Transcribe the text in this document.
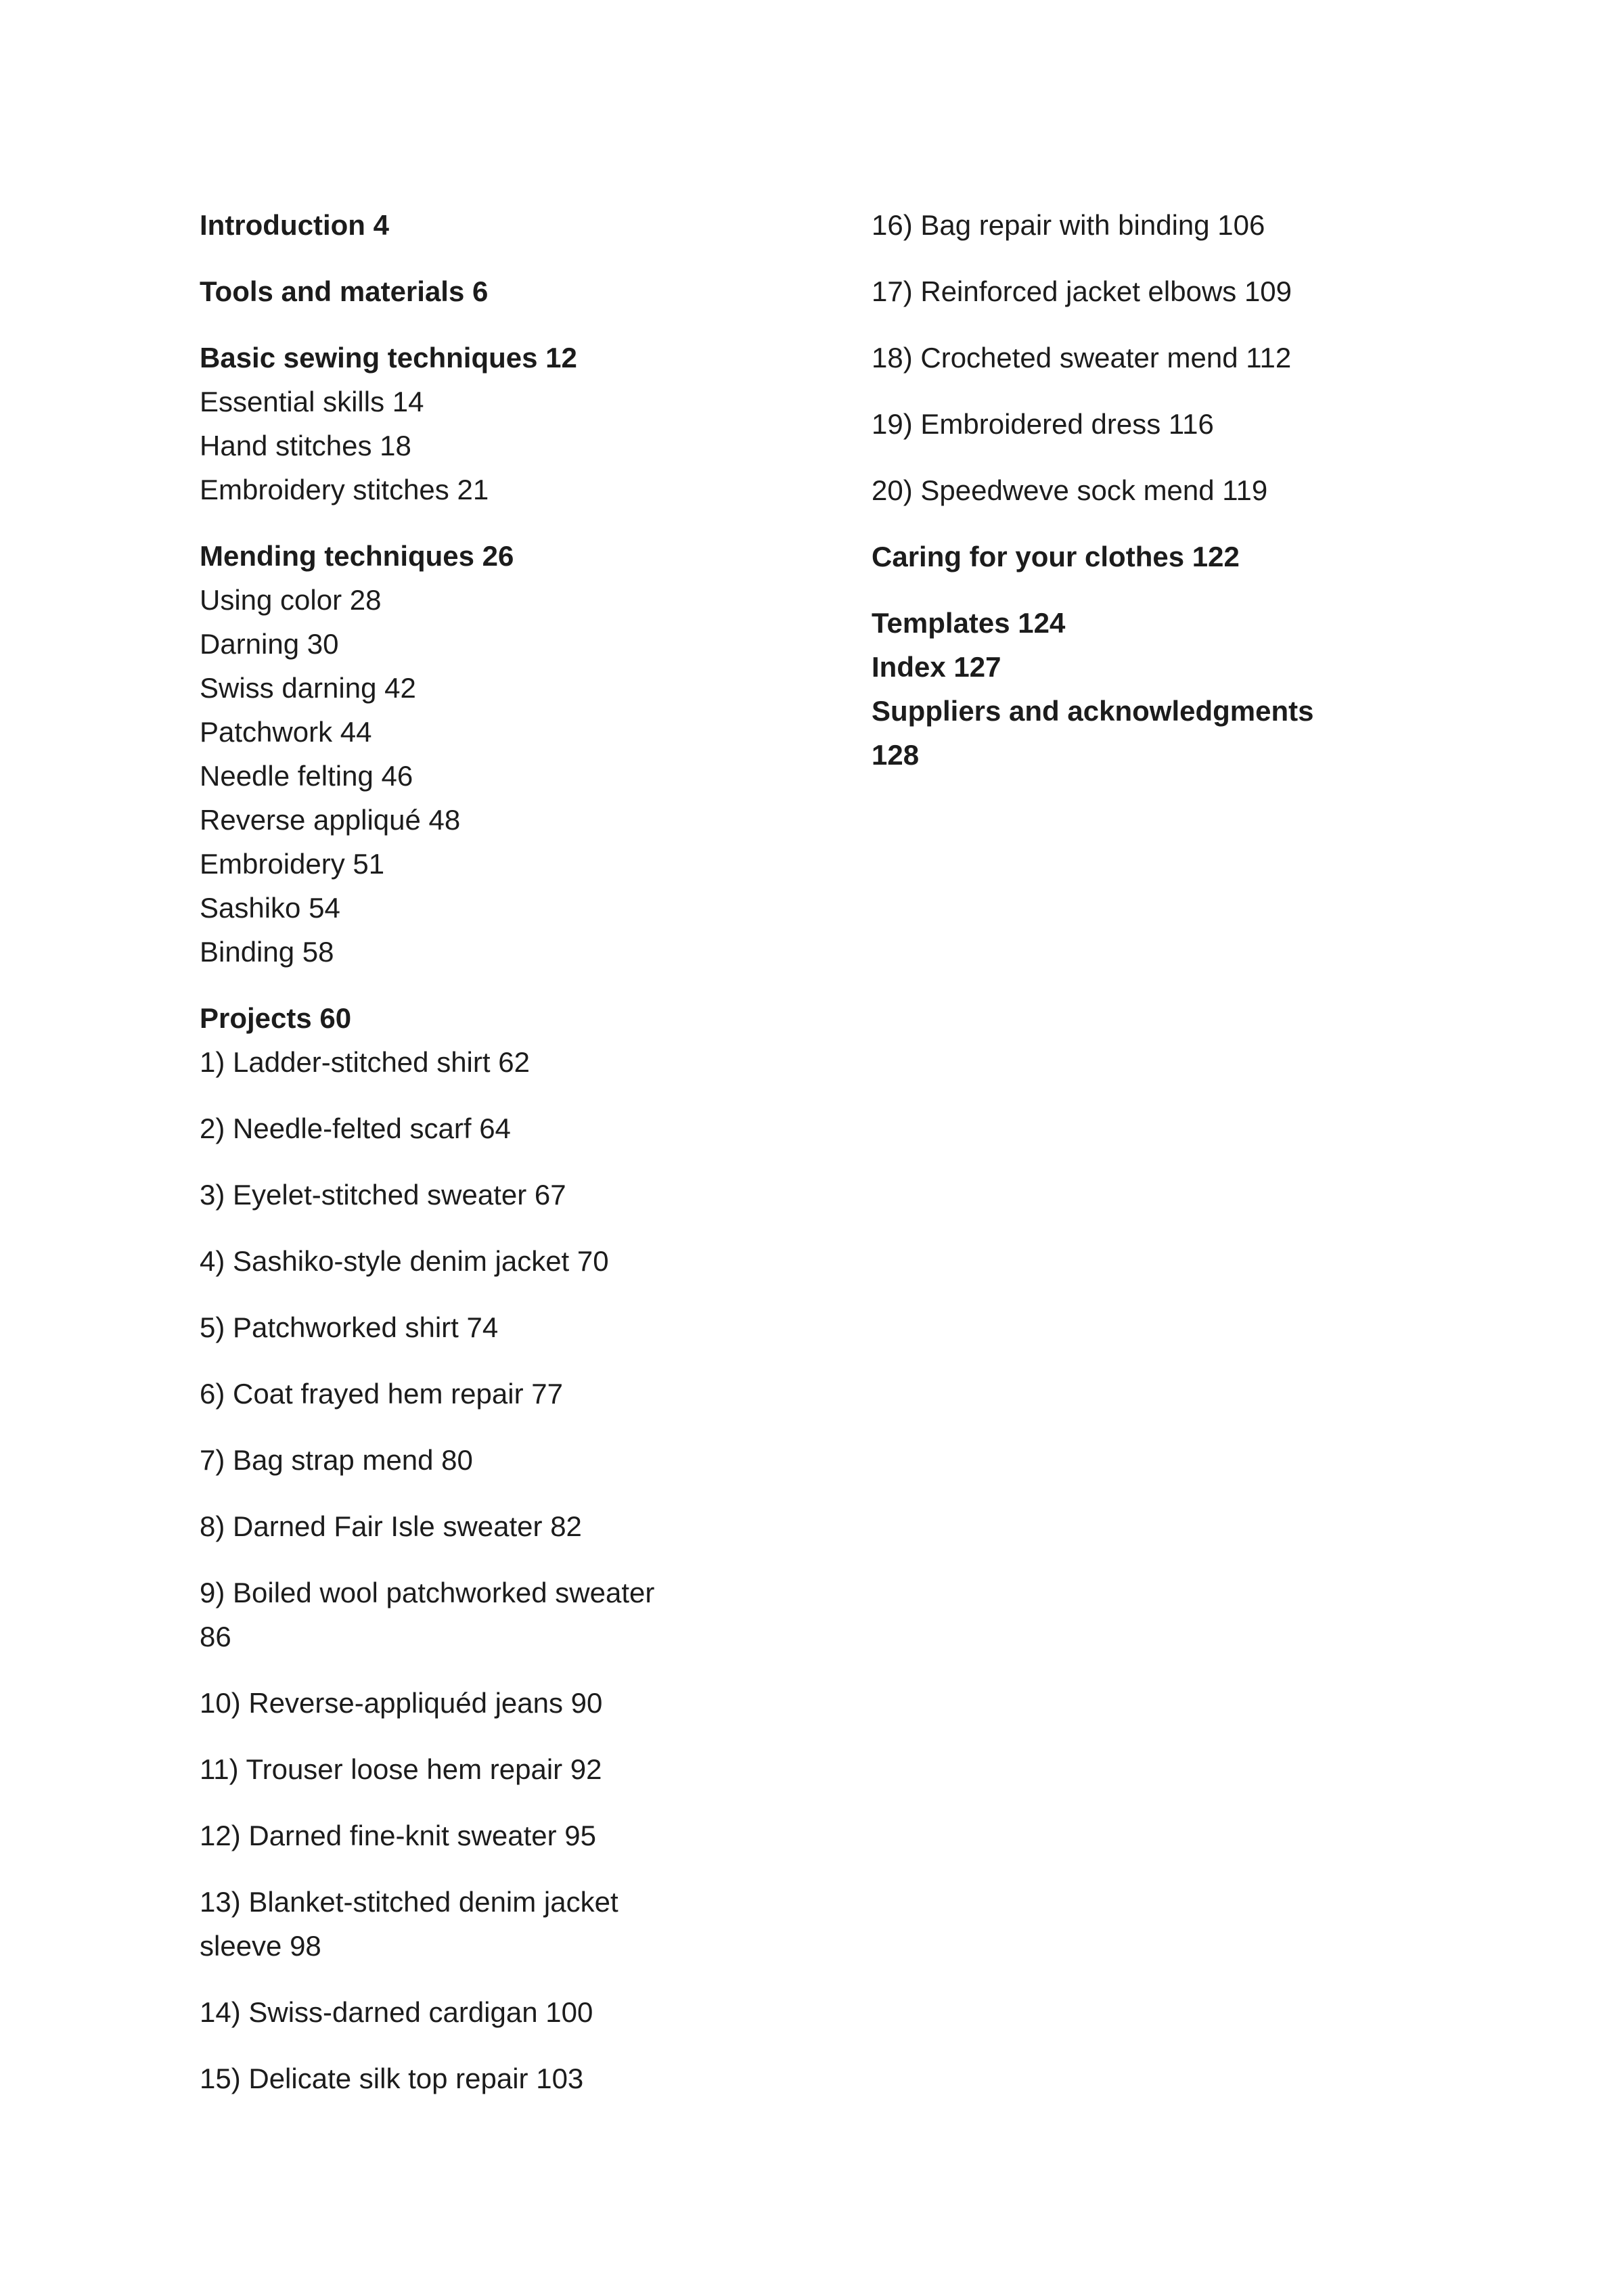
Introduction 4
Tools and materials 6
Basic sewing techniques 12
Essential skills 14
Hand stitches 18
Embroidery stitches 21
Mending techniques 26
Using color 28
Darning 30
Swiss darning 42
Patchwork 44
Needle felting 46
Reverse appliqué 48
Embroidery 51
Sashiko 54
Binding 58
Projects 60
1) Ladder-stitched shirt 62
2) Needle-felted scarf 64
3) Eyelet-stitched sweater 67
4) Sashiko-style denim jacket 70
5) Patchworked shirt 74
6) Coat frayed hem repair 77
7) Bag strap mend 80
8) Darned Fair Isle sweater 82
9) Boiled wool patchworked sweater
86
10) Reverse-appliquéd jeans 90
11) Trouser loose hem repair 92
12) Darned fine-knit sweater 95
13) Blanket-stitched denim jacket
sleeve 98
14) Swiss-darned cardigan 100
15) Delicate silk top repair 103
16) Bag repair with binding 106
17) Reinforced jacket elbows 109
18) Crocheted sweater mend 112
19) Embroidered dress 116
20) Speedweve sock mend 119
Caring for your clothes 122
Templates 124
Index 127
Suppliers and acknowledgments
128
